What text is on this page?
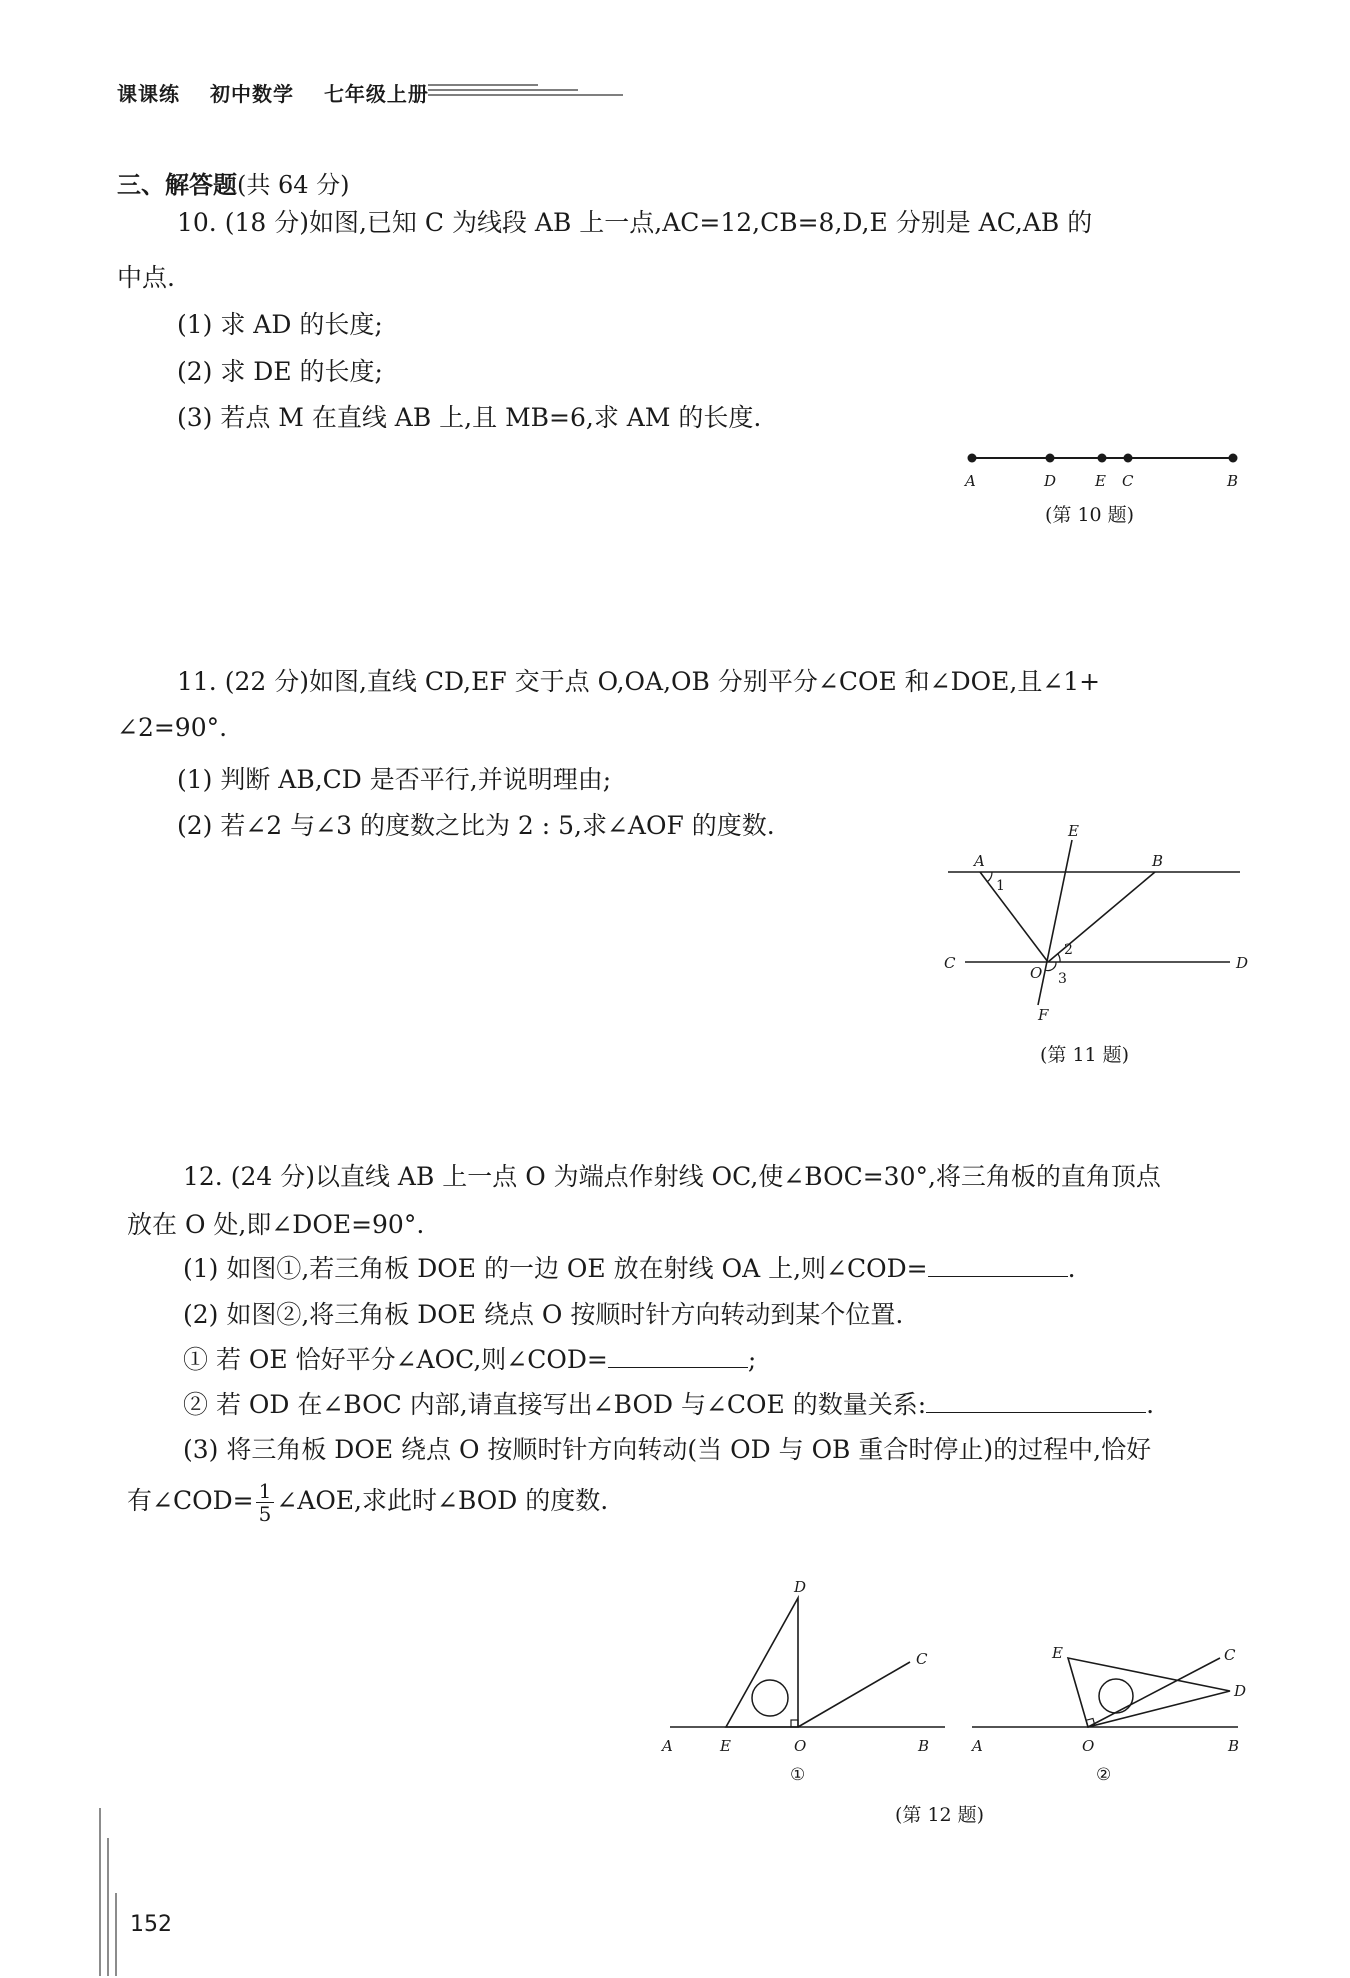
课课练 初中数学 七年级上册
三、解答题(共 64 分)
10. (18 分)如图,已知 C 为线段 AB 上一点,AC=12,CB=8,D,E 分别是 AC,AB 的
中点.
(1) 求 AD 的长度;
(2) 求 DE 的长度;
(3) 若点 M 在直线 AB 上,且 MB=6,求 AM 的长度.
A	D	E C	B
(第 10 题)
11. (22 分)如图,直线 CD,EF 交于点 O,OA,OB 分别平分∠COE 和∠DOE,且∠1+
∠2=90°.
(1) 判断 AB,CD 是否平行,并说明理由;
(2) 若∠2 与∠3 的度数之比为 2 : 5,求∠AOF 的度数.	E
A	B
1
C
O
2
D
3
F
(第 11 题)
12. (24 分)以直线 AB 上一点 O 为端点作射线 OC,使∠BOC=30°,将三角板的直角顶点
放在 O 处,即∠DOE=90°.
(1) 如图①,若三角板 DOE 的一边 OE 放在射线 OA 上,则∠COD=	.
(2) 如图②,将三角板 DOE 绕点 O 按顺时针方向转动到某个位置.
① 若 OE 恰好平分∠AOC,则∠COD=	;
② 若 OD 在∠BOC 内部,请直接写出∠BOD 与∠COE 的数量关系:	.
(3) 将三角板 DOE 绕点 O 按顺时针方向转动(当 OD 与 OB 重合时停止)的过程中,恰好
有∠COD= $\frac{1}{5}$ ∠AOE,求此时∠BOD 的度数.
D
C
A	E	O	B
①
E	C
D
A	O	B
②
(第 12 题)
152
